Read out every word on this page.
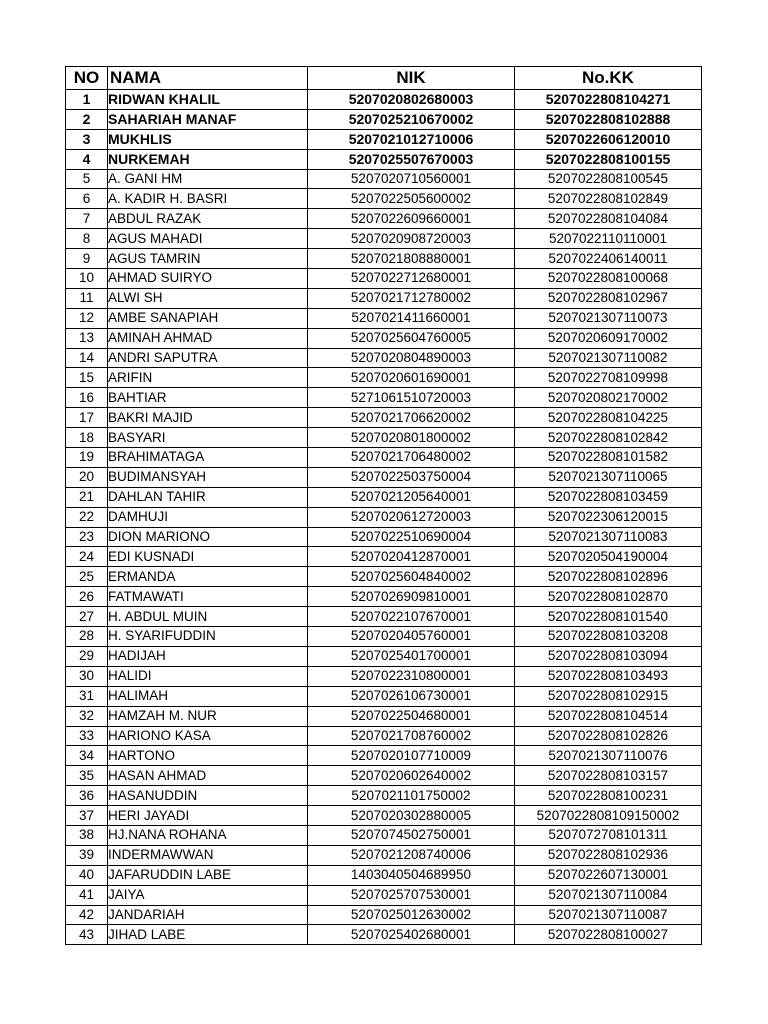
NO	NAMA	NIK	No.KK
1	RIDWAN KHALIL	5207020802680003	5207022808104271
2	SAHARIAH MANAF	5207025210670002	5207022808102888
3	MUKHLIS	5207021012710006	5207022606120010
4	NURKEMAH	5207025507670003	5207022808100155
5	A. GANI HM	5207020710560001	5207022808100545
6	A. KADIR H. BASRI	5207022505600002	5207022808102849
7	ABDUL RAZAK	5207022609660001	5207022808104084
8	AGUS MAHADI	5207020908720003	5207022110110001
9	AGUS TAMRIN	5207021808880001	5207022406140011
10	AHMAD SUIRYO	5207022712680001	5207022808100068
11	ALWI SH	5207021712780002	5207022808102967
12	AMBE SANAPIAH	5207021411660001	5207021307110073
13	AMINAH AHMAD	5207025604760005	5207020609170002
14	ANDRI SAPUTRA	5207020804890003	5207021307110082
15	ARIFIN	5207020601690001	5207022708109998
16	BAHTIAR	5271061510720003	5207020802170002
17	BAKRI MAJID	5207021706620002	5207022808104225
18	BASYARI	5207020801800002	5207022808102842
19	BRAHIMATAGA	5207021706480002	5207022808101582
20	BUDIMANSYAH	5207022503750004	5207021307110065
21	DAHLAN TAHIR	5207021205640001	5207022808103459
22	DAMHUJI	5207020612720003	5207022306120015
23	DION MARIONO	5207022510690004	5207021307110083
24	EDI KUSNADI	5207020412870001	5207020504190004
25	ERMANDA	5207025604840002	5207022808102896
26	FATMAWATI	5207026909810001	5207022808102870
27	H. ABDUL MUIN	5207022107670001	5207022808101540
28	H. SYARIFUDDIN	5207020405760001	5207022808103208
29	HADIJAH	5207025401700001	5207022808103094
30	HALIDI	5207022310800001	5207022808103493
31	HALIMAH	5207026106730001	5207022808102915
32	HAMZAH M. NUR	5207022504680001	5207022808104514
33	HARIONO KASA	5207021708760002	5207022808102826
34	HARTONO	5207020107710009	5207021307110076
35	HASAN AHMAD	5207020602640002	5207022808103157
36	HASANUDDIN	5207021101750002	5207022808100231
37	HERI JAYADI	5207020302880005	5207022808109150002
38	HJ.NANA ROHANA	5207074502750001	5207072708101311
39	INDERMAWWAN	5207021208740006	5207022808102936
40	JAFARUDDIN LABE	1403040504689950	5207022607130001
41	JAIYA	5207025707530001	5207021307110084
42	JANDARIAH	5207025012630002	5207021307110087
43	JIHAD LABE	5207025402680001	5207022808100027
